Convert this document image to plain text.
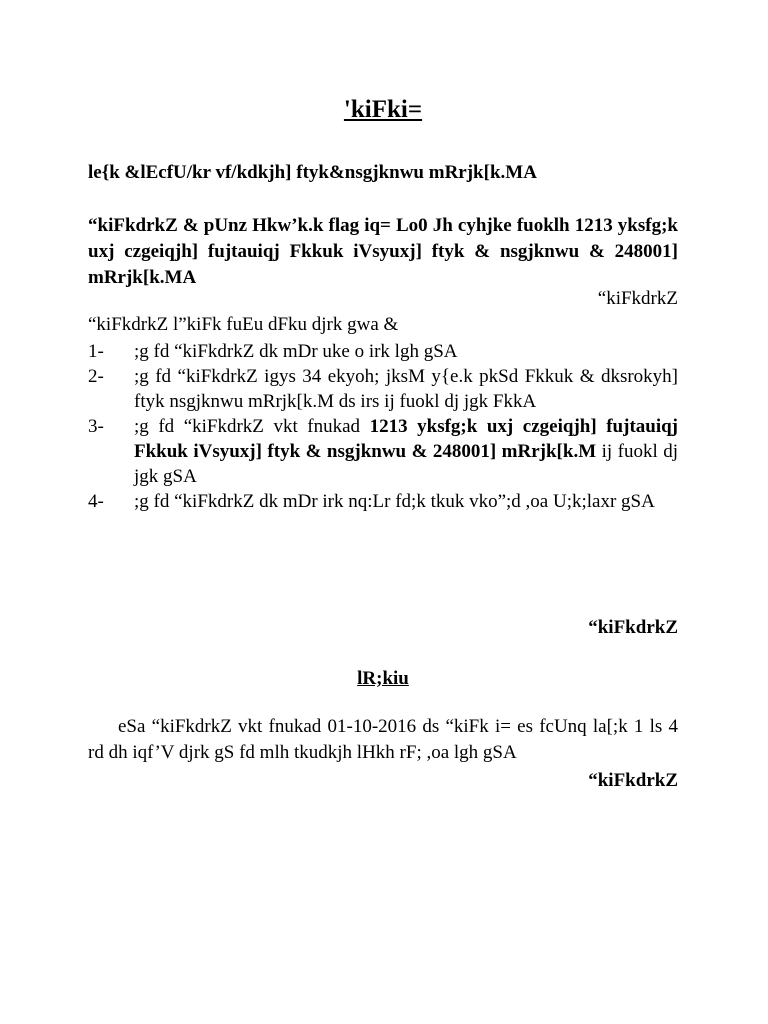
'kiFki=
le{k &lEcfU/kr vf/kdkjh] ftyk&nsgjknwu mRrjk[k.MA
“kiFkdrkZ & pUnz Hkw’k.k flag iq= Lo0 Jh cyhjke fuoklh 1213 yksfg;k uxj czgeiqjh] fujtauiqj Fkkuk iVsyuxj] ftyk & nsgjknwu & 248001] mRrjk[k.MA
“kiFkdrkZ
“kiFkdrkZ l”kiFk fuEu dFku djrk gwa &
1-	;g fd “kiFkdrkZ dk mDr uke o irk lgh gSA
2-	;g fd “kiFkdrkZ igys 34 ekyoh; jksM y{e.k pkSd Fkkuk & dksrokyh] ftyk nsgjknwu mRrjk[k.M ds irs ij fuokl dj jgk FkkA
3-	;g fd “kiFkdrkZ vkt fnukad 1213 yksfg;k uxj czgeiqjh] fujtauiqj Fkkuk iVsyuxj] ftyk & nsgjknwu & 248001] mRrjk[k.M ij fuokl dj jgk gSA
4-	;g fd “kiFkdrkZ dk mDr irk nq:Lr fd;k tkuk vko”;d ,oa U;k;laxr gSA
“kiFkdrkZ
lR;kiu
eSa “kiFkdrkZ vkt fnukad 01-10-2016 ds “kiFk i= es fcUnq la[;k 1 ls 4 rd dh iqf’V djrk gS fd mlh tkudkjh lHkh rF; ,oa lgh gSA
“kiFkdrkZ
